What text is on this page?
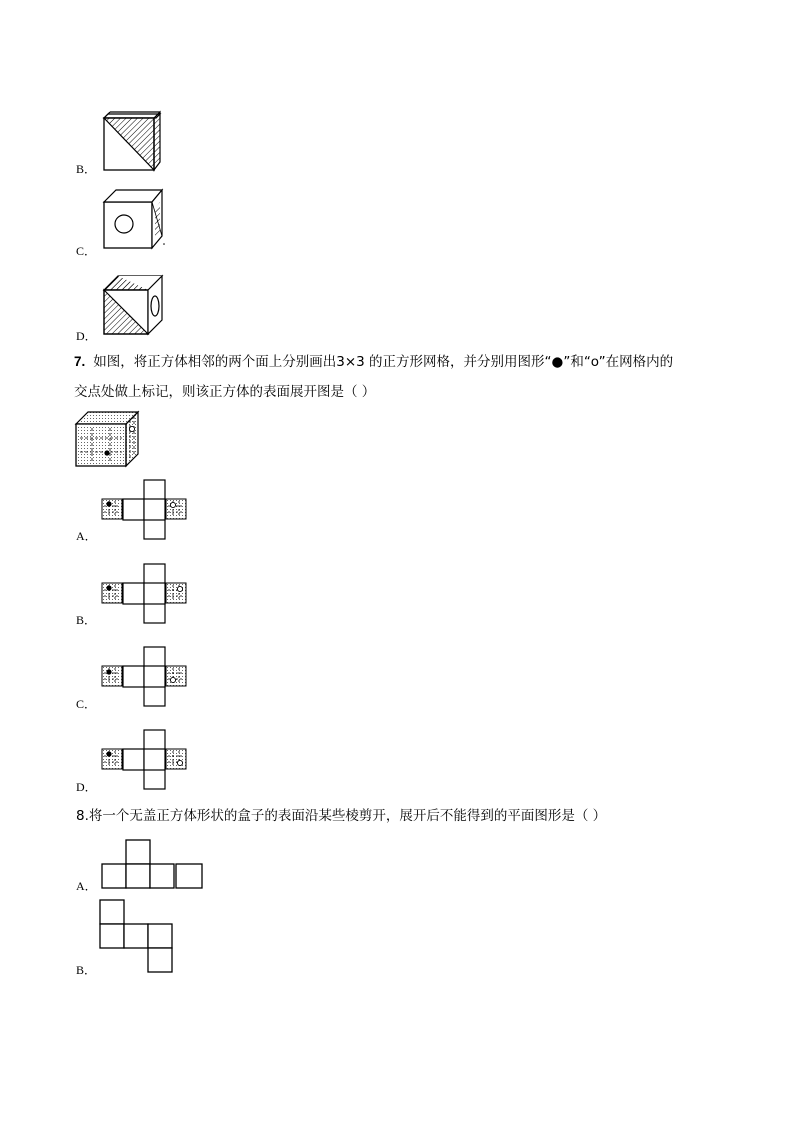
B．
C．
D．
7. 如图，将正方体相邻的两个面上分别画出3×3 的正方形网格，并分别用图形“●”和“o”在网格内的
交点处做上标记，则该正方体的表面展开图是（ ）
A．
B．
C．
D．
8.将一个无盖正方体形状的盒子的表面沿某些棱剪开，展开后不能得到的平面图形是（ ）
A．
B．
